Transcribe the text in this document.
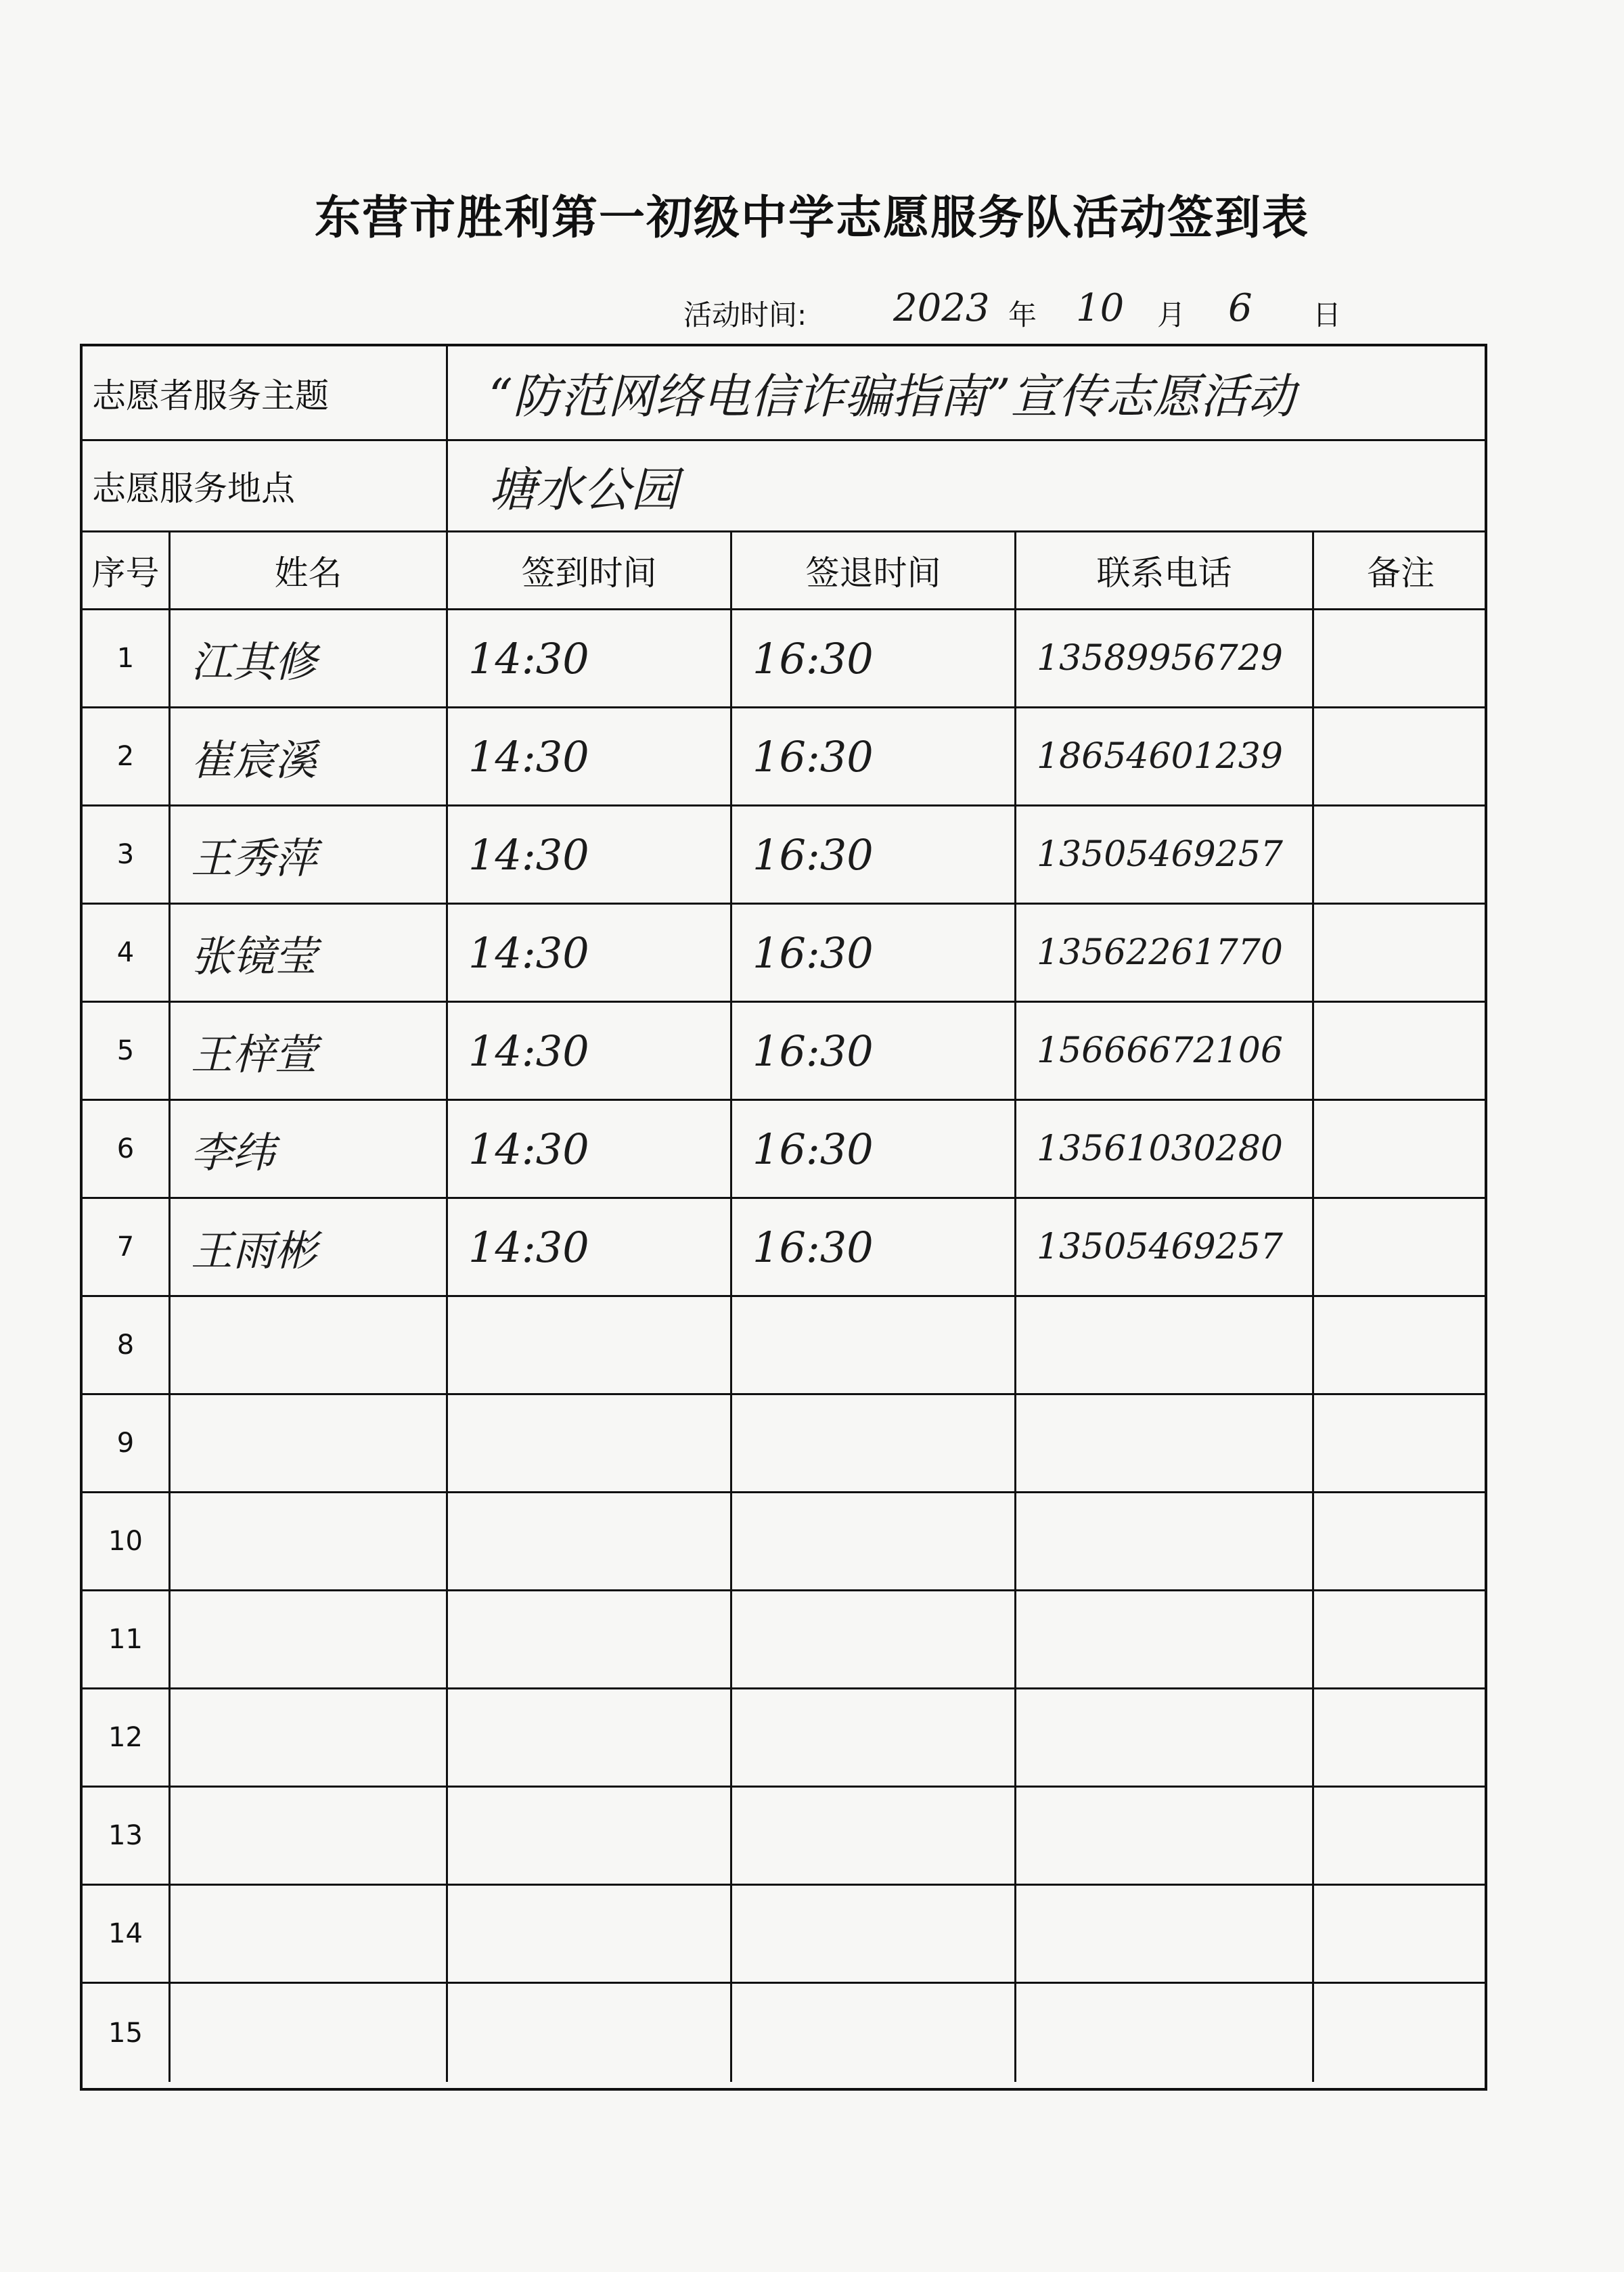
东营市胜利第一初级中学志愿服务队活动签到表
活动时间: 2023 年 10 月 6 日
志愿者服务主题	“防范网络电信诈骗指南”宣传志愿活动
志愿服务地点	塘水公园
序号	姓名	签到时间	签退时间	联系电话	备注
1	江其修	14:30	16:30	13589956729
2	崔宸溪	14:30	16:30	18654601239
3	王秀萍	14:30	16:30	13505469257
4	张镜莹	14:30	16:30	13562261770
5	王梓萱	14:30	16:30	15666672106
6	李纬	14:30	16:30	13561030280
7	王雨彬	14:30	16:30	13505469257
8
9
10
11
12
13
14
15
